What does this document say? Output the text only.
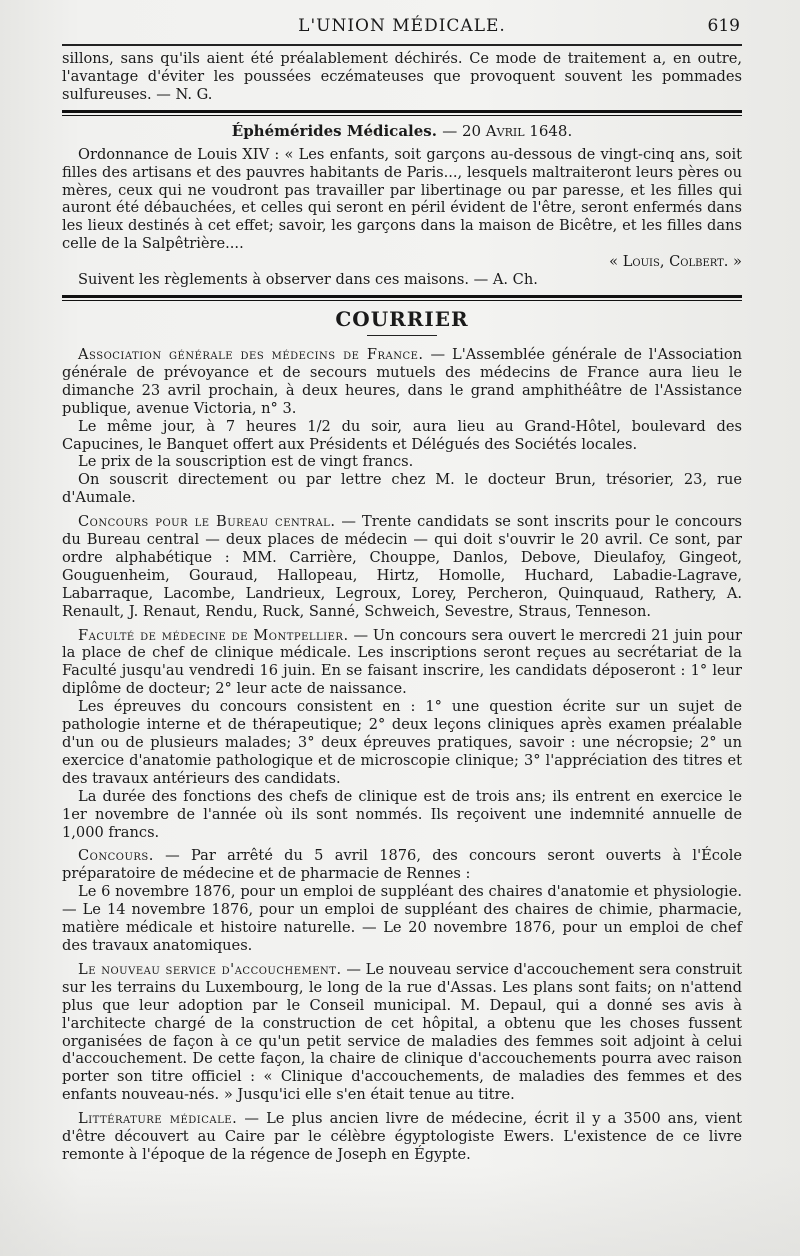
L'UNION MÉDICALE.	619

sillons, sans qu'ils aient été préalablement déchirés. Ce mode de traitement a, en outre, l'avantage d'éviter les poussées eczémateuses que provoquent souvent les pommades sulfureuses. — N. G.

Éphémérides Médicales. — 20 Avril 1648.

Ordonnance de Louis XIV : « Les enfants, soit garçons au-dessous de vingt-cinq ans, soit filles des artisans et des pauvres habitants de Paris..., lesquels maltraiteront leurs pères ou mères, ceux qui ne voudront pas travailler par libertinage ou par paresse, et les filles qui auront été débauchées, et celles qui seront en péril évident de l'être, seront enfermés dans les lieux destinés à cet effet; savoir, les garçons dans la maison de Bicêtre, et les filles dans celle de la Salpêtrière....

« Louis, Colbert. »

Suivent les règlements à observer dans ces maisons. — A. Ch.

COURRIER

Association générale des médecins de France. — L'Assemblée générale de l'Association générale de prévoyance et de secours mutuels des médecins de France aura lieu le dimanche 23 avril prochain, à deux heures, dans le grand amphithéâtre de l'Assistance publique, avenue Victoria, n° 3.

Le même jour, à 7 heures 1/2 du soir, aura lieu au Grand-Hôtel, boulevard des Capucines, le Banquet offert aux Présidents et Délégués des Sociétés locales.

Le prix de la souscription est de vingt francs.

On souscrit directement ou par lettre chez M. le docteur Brun, trésorier, 23, rue d'Aumale.

Concours pour le Bureau central. — Trente candidats se sont inscrits pour le concours du Bureau central — deux places de médecin — qui doit s'ouvrir le 20 avril. Ce sont, par ordre alphabétique : MM. Carrière, Chouppe, Danlos, Debove, Dieulafoy, Gingeot, Gouguenheim, Gouraud, Hallopeau, Hirtz, Homolle, Huchard, Labadie-Lagrave, Labarraque, Lacombe, Landrieux, Legroux, Lorey, Percheron, Quinquaud, Rathery, A. Renault, J. Renaut, Rendu, Ruck, Sanné, Schweich, Sevestre, Straus, Tenneson.

Faculté de médecine de Montpellier. — Un concours sera ouvert le mercredi 21 juin pour la place de chef de clinique médicale. Les inscriptions seront reçues au secrétariat de la Faculté jusqu'au vendredi 16 juin. En se faisant inscrire, les candidats déposeront : 1° leur diplôme de docteur; 2° leur acte de naissance.

Les épreuves du concours consistent en : 1° une question écrite sur un sujet de pathologie interne et de thérapeutique; 2° deux leçons cliniques après examen préalable d'un ou de plusieurs malades; 3° deux épreuves pratiques, savoir : une nécropsie; 2° un exercice d'anatomie pathologique et de microscopie clinique; 3° l'appréciation des titres et des travaux antérieurs des candidats.

La durée des fonctions des chefs de clinique est de trois ans; ils entrent en exercice le 1er novembre de l'année où ils sont nommés. Ils reçoivent une indemnité annuelle de 1,000 francs.

Concours. — Par arrêté du 5 avril 1876, des concours seront ouverts à l'École préparatoire de médecine et de pharmacie de Rennes :

Le 6 novembre 1876, pour un emploi de suppléant des chaires d'anatomie et physiologie. — Le 14 novembre 1876, pour un emploi de suppléant des chaires de chimie, pharmacie, matière médicale et histoire naturelle. — Le 20 novembre 1876, pour un emploi de chef des travaux anatomiques.

Le nouveau service d'accouchement. — Le nouveau service d'accouchement sera construit sur les terrains du Luxembourg, le long de la rue d'Assas. Les plans sont faits; on n'attend plus que leur adoption par le Conseil municipal. M. Depaul, qui a donné ses avis à l'architecte chargé de la construction de cet hôpital, a obtenu que les choses fussent organisées de façon à ce qu'un petit service de maladies des femmes soit adjoint à celui d'accouchement. De cette façon, la chaire de clinique d'accouchements pourra avec raison porter son titre officiel : « Clinique d'accouchements, de maladies des femmes et des enfants nouveau-nés. » Jusqu'ici elle s'en était tenue au titre.

Littérature médicale. — Le plus ancien livre de médecine, écrit il y a 3500 ans, vient d'être découvert au Caire par le célèbre égyptologiste Ewers. L'existence de ce livre remonte à l'époque de la régence de Joseph en Égypte.
